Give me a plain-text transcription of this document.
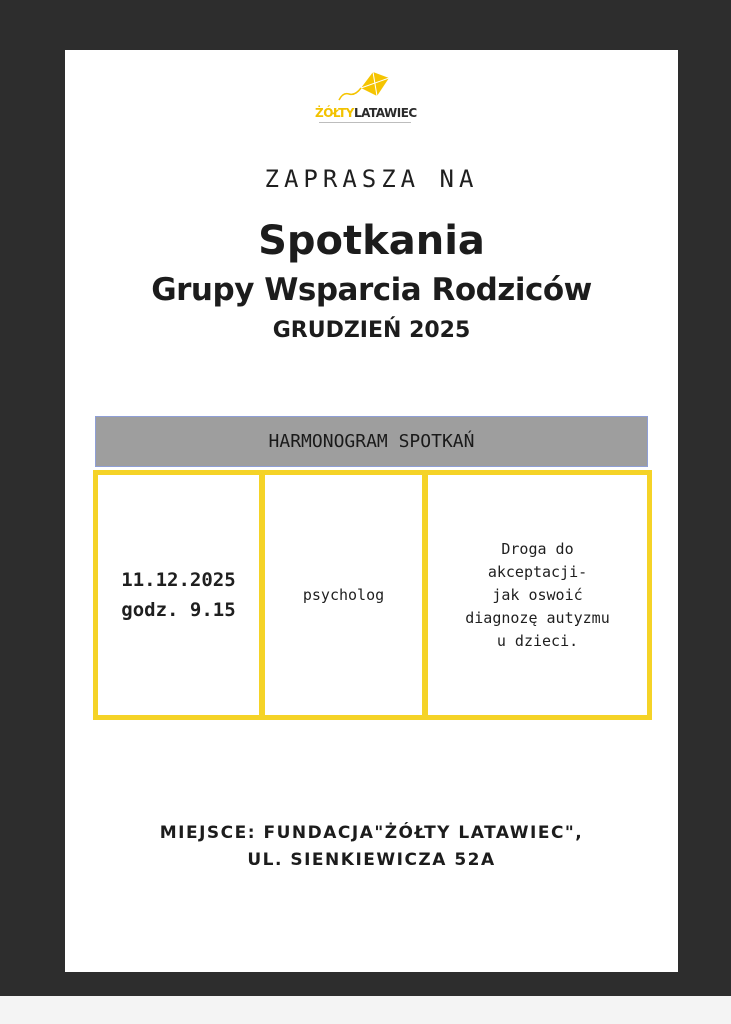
ŻÓŁTYLATAWIEC
ZAPRASZA NA
Spotkania
Grupy Wsparcia Rodziców
GRUDZIEŃ 2025
HARMONOGRAM SPOTKAŃ
11.12.2025
godz. 9.15
psycholog
Droga do
akceptacji-
jak oswoić
diagnozę autyzmu
u dzieci.
MIEJSCE: FUNDACJA"ŻÓŁTY LATAWIEC",
UL. SIENKIEWICZA 52A
